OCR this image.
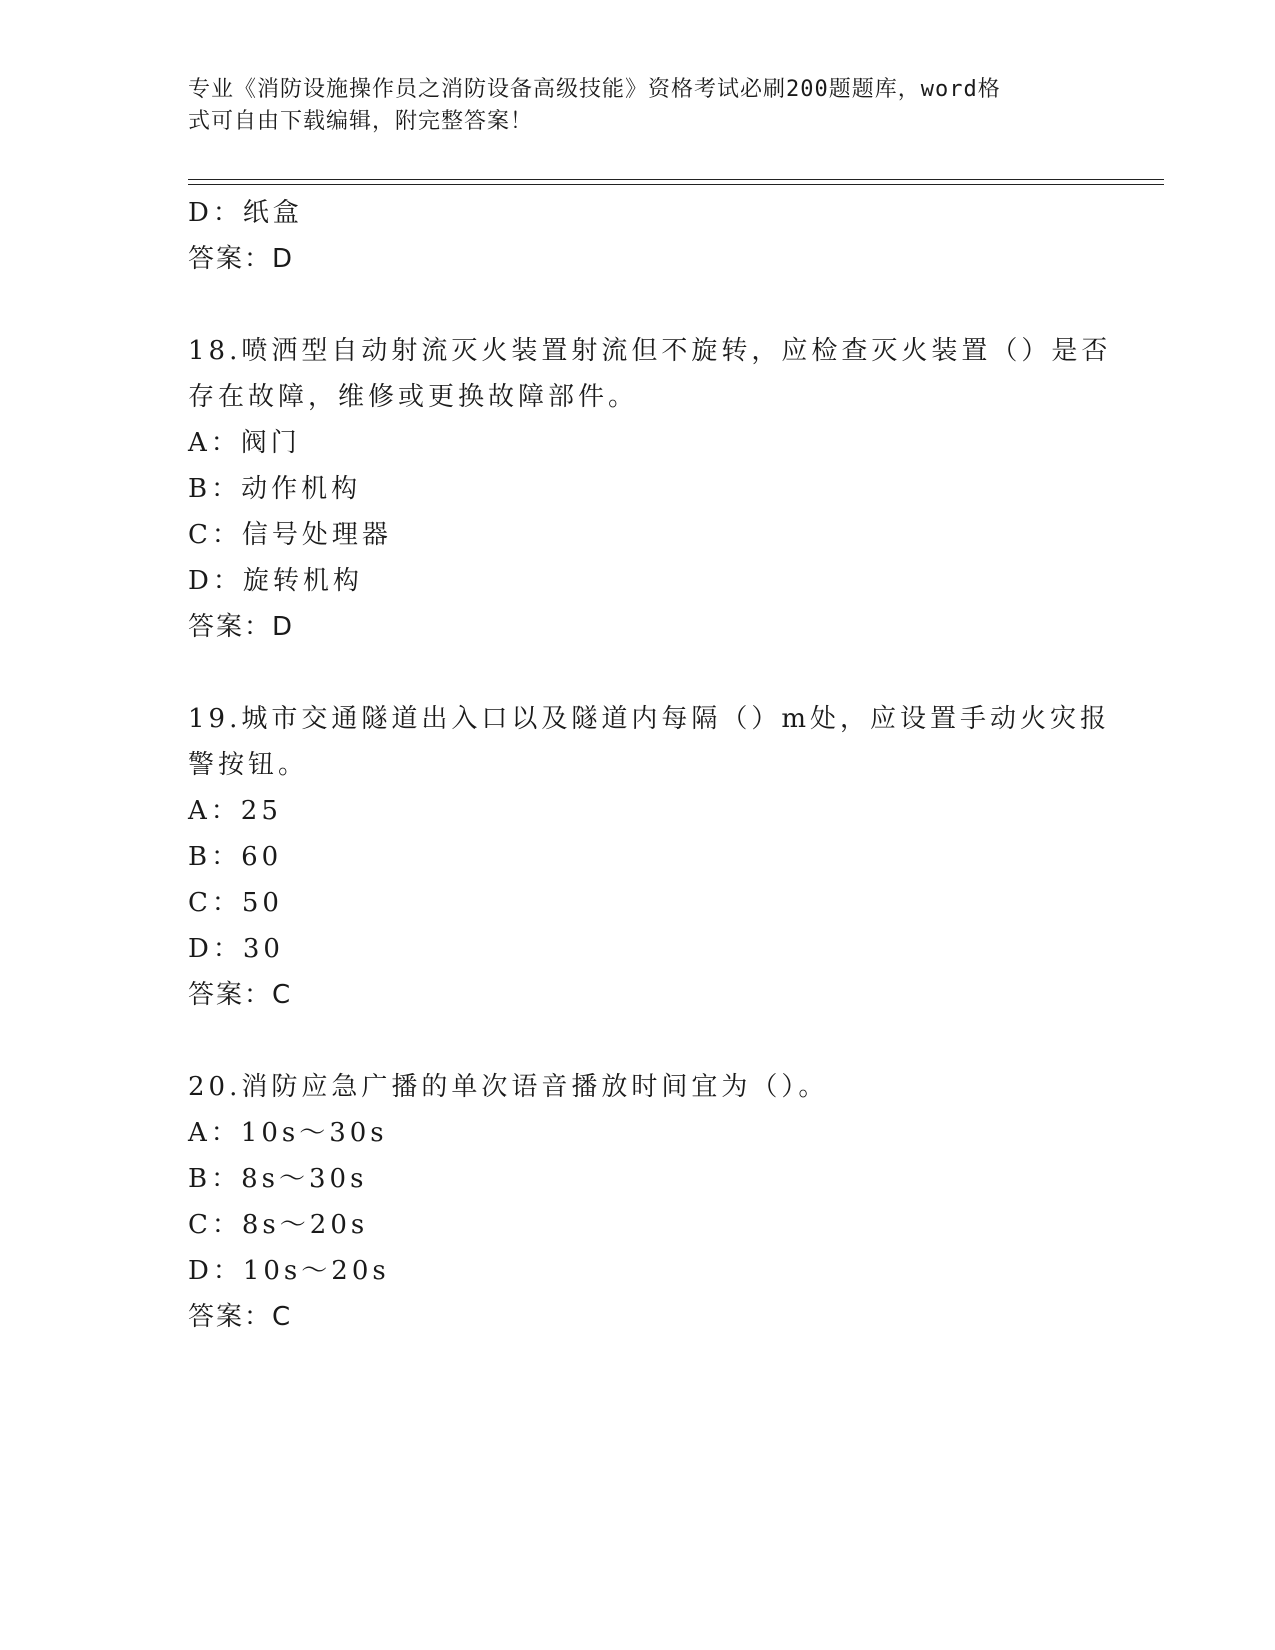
专业《消防设施操作员之消防设备高级技能》资格考试必刷200题题库，word格
式可自由下载编辑，附完整答案！
D：纸盒
答案：D
18.喷洒型自动射流灭火装置射流但不旋转，应检查灭火装置（）是否
存在故障，维修或更换故障部件。
A：阀门
B：动作机构
C：信号处理器
D：旋转机构
答案：D
19.城市交通隧道出入口以及隧道内每隔（）m处，应设置手动火灾报
警按钮。
A：25
B：60
C：50
D：30
答案：C
20.消防应急广播的单次语音播放时间宜为（）。
A：10s～30s
B：8s～30s
C：8s～20s
D：10s～20s
答案：C
